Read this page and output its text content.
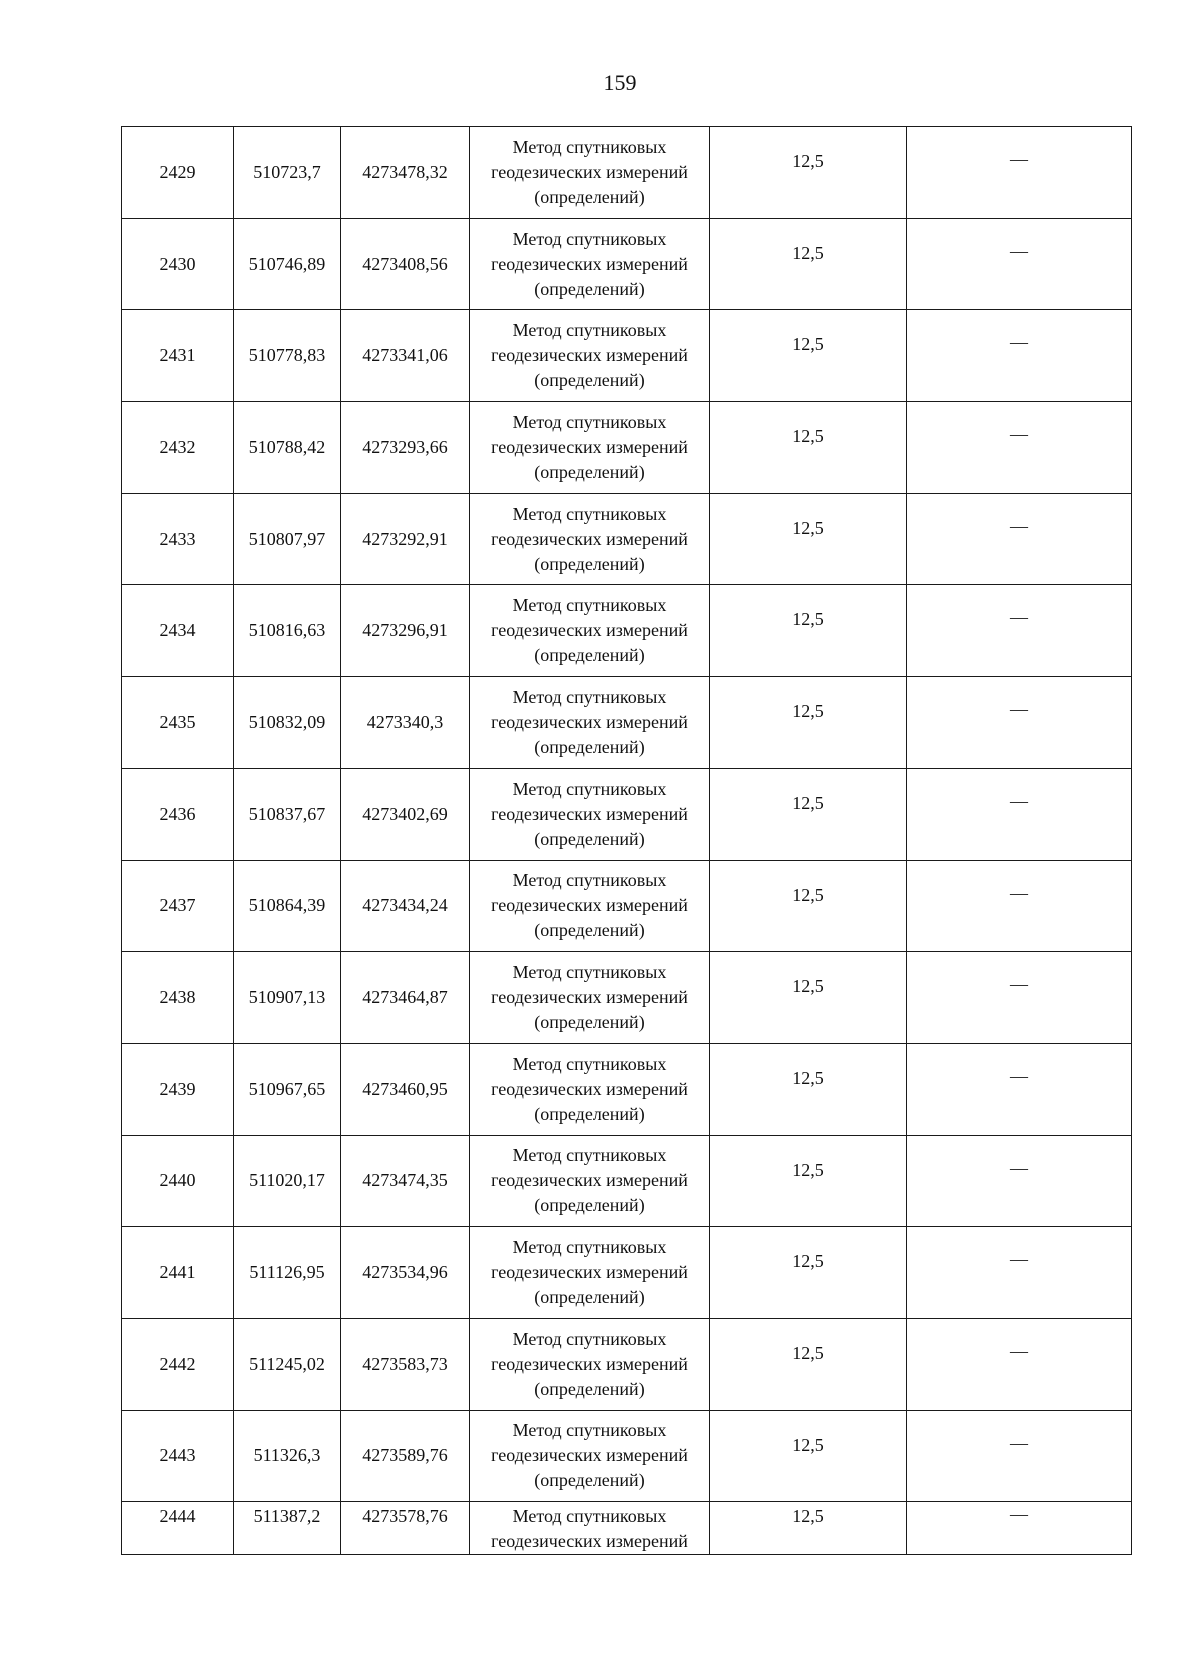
159
2429	510723,7	4273478,32	Метод спутниковых
геодезических измерений
(определений)	12,5	—
2430	510746,89	4273408,56	Метод спутниковых
геодезических измерений
(определений)	12,5	—
2431	510778,83	4273341,06	Метод спутниковых
геодезических измерений
(определений)	12,5	—
2432	510788,42	4273293,66	Метод спутниковых
геодезических измерений
(определений)	12,5	—
2433	510807,97	4273292,91	Метод спутниковых
геодезических измерений
(определений)	12,5	—
2434	510816,63	4273296,91	Метод спутниковых
геодезических измерений
(определений)	12,5	—
2435	510832,09	4273340,3	Метод спутниковых
геодезических измерений
(определений)	12,5	—
2436	510837,67	4273402,69	Метод спутниковых
геодезических измерений
(определений)	12,5	—
2437	510864,39	4273434,24	Метод спутниковых
геодезических измерений
(определений)	12,5	—
2438	510907,13	4273464,87	Метод спутниковых
геодезических измерений
(определений)	12,5	—
2439	510967,65	4273460,95	Метод спутниковых
геодезических измерений
(определений)	12,5	—
2440	511020,17	4273474,35	Метод спутниковых
геодезических измерений
(определений)	12,5	—
2441	511126,95	4273534,96	Метод спутниковых
геодезических измерений
(определений)	12,5	—
2442	511245,02	4273583,73	Метод спутниковых
геодезических измерений
(определений)	12,5	—
2443	511326,3	4273589,76	Метод спутниковых
геодезических измерений
(определений)	12,5	—
2444	511387,2	4273578,76	Метод спутниковых
геодезических измерений	12,5	—
